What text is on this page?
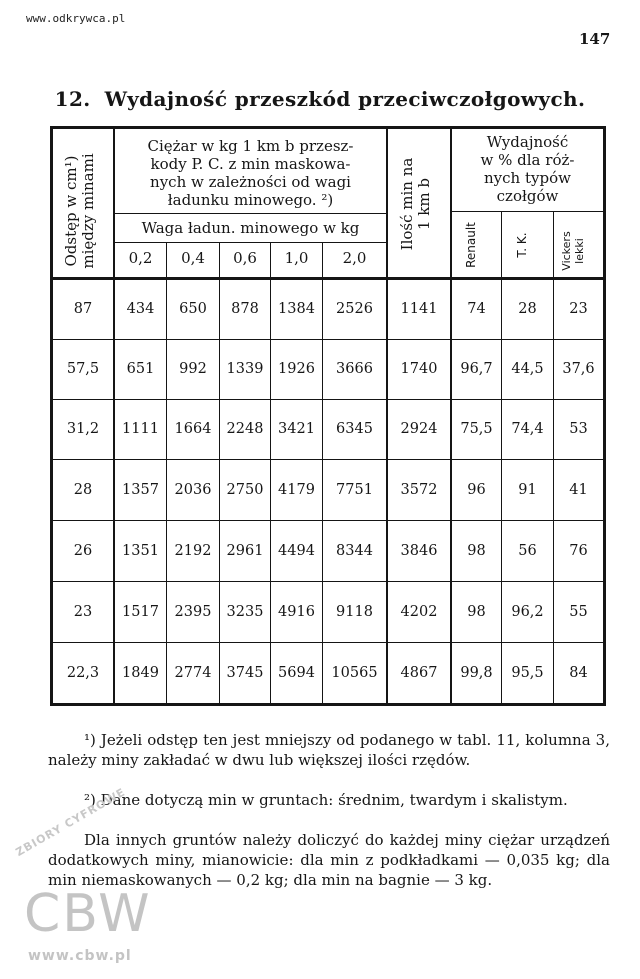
www.odkrywca.pl
147
12. Wydajność przeszkód przeciwczołgowych.
Odstęp w cm¹) między minami
Ciężar w kg 1 km b przesz-
kody P. C. z min maskowa-
nych w zależności od wagi
ładunku minowego. ²)
Waga ładun. minowego w kg
0,2	0,4	0,6	1,0	2,0
Ilość min na 1 km b
Wydajność
w % dla róż-
nych typów
czołgów
Renault	T. K.	Vickers lekki
87	434	650	878	1384	2526	1141	74	28	23
57,5	651	992	1339	1926	3666	1740	96,7	44,5	37,6
31,2	1111	1664	2248	3421	6345	2924	75,5	74,4	53
28	1357	2036	2750	4179	7751	3572	96	91	41
26	1351	2192	2961	4494	8344	3846	98	56	76
23	1517	2395	3235	4916	9118	4202	98	96,2	55
22,3	1849	2774	3745	5694	10565	4867	99,8	95,5	84

¹) Jeżeli odstęp ten jest mniejszy od podanego w tabl. 11, kolumna 3, należy miny zakładać w dwu lub większej ilości rzędów.

²) Dane dotyczą min w gruntach: średnim, twardym i skalistym.

Dla innych gruntów należy doliczyć do każdej miny ciężar urządzeń dodatkowych miny, mianowicie: dla min z podkładkami — 0,035 kg; dla min niemaskowanych — 0,2 kg; dla min na bagnie — 3 kg.

ZBIORY CYFROWE
CBW
www.cbw.pl
